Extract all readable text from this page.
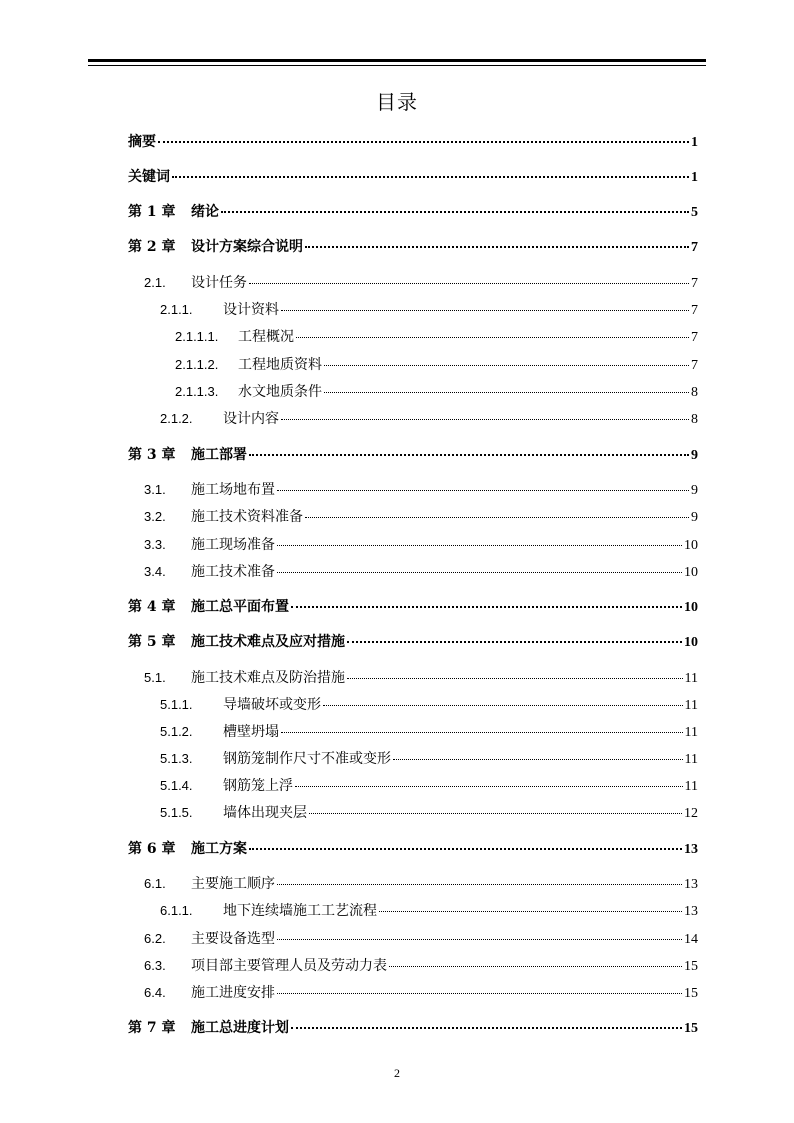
目录
摘要	1
关键词	1
第 1 章	绪论	5
第 2 章	设计方案综合说明	7
2.1.	设计任务	7
2.1.1.	设计资料	7
2.1.1.1.	工程概况	7
2.1.1.2.	工程地质资料	7
2.1.1.3.	水文地质条件	8
2.1.2.	设计内容	8
第 3 章	施工部署	9
3.1.	施工场地布置	9
3.2.	施工技术资料准备	9
3.3.	施工现场准备	10
3.4.	施工技术准备	10
第 4 章	施工总平面布置	10
第 5 章	施工技术难点及应对措施	10
5.1.	施工技术难点及防治措施	11
5.1.1.	导墙破坏或变形	11
5.1.2.	槽壁坍塌	11
5.1.3.	钢筋笼制作尺寸不准或变形	11
5.1.4.	钢筋笼上浮	11
5.1.5.	墙体出现夹层	12
第 6 章	施工方案	13
6.1.	主要施工顺序	13
6.1.1.	地下连续墙施工工艺流程	13
6.2.	主要设备选型	14
6.3.	项目部主要管理人员及劳动力表	15
6.4.	施工进度安排	15
第 7 章	施工总进度计划	15
2
